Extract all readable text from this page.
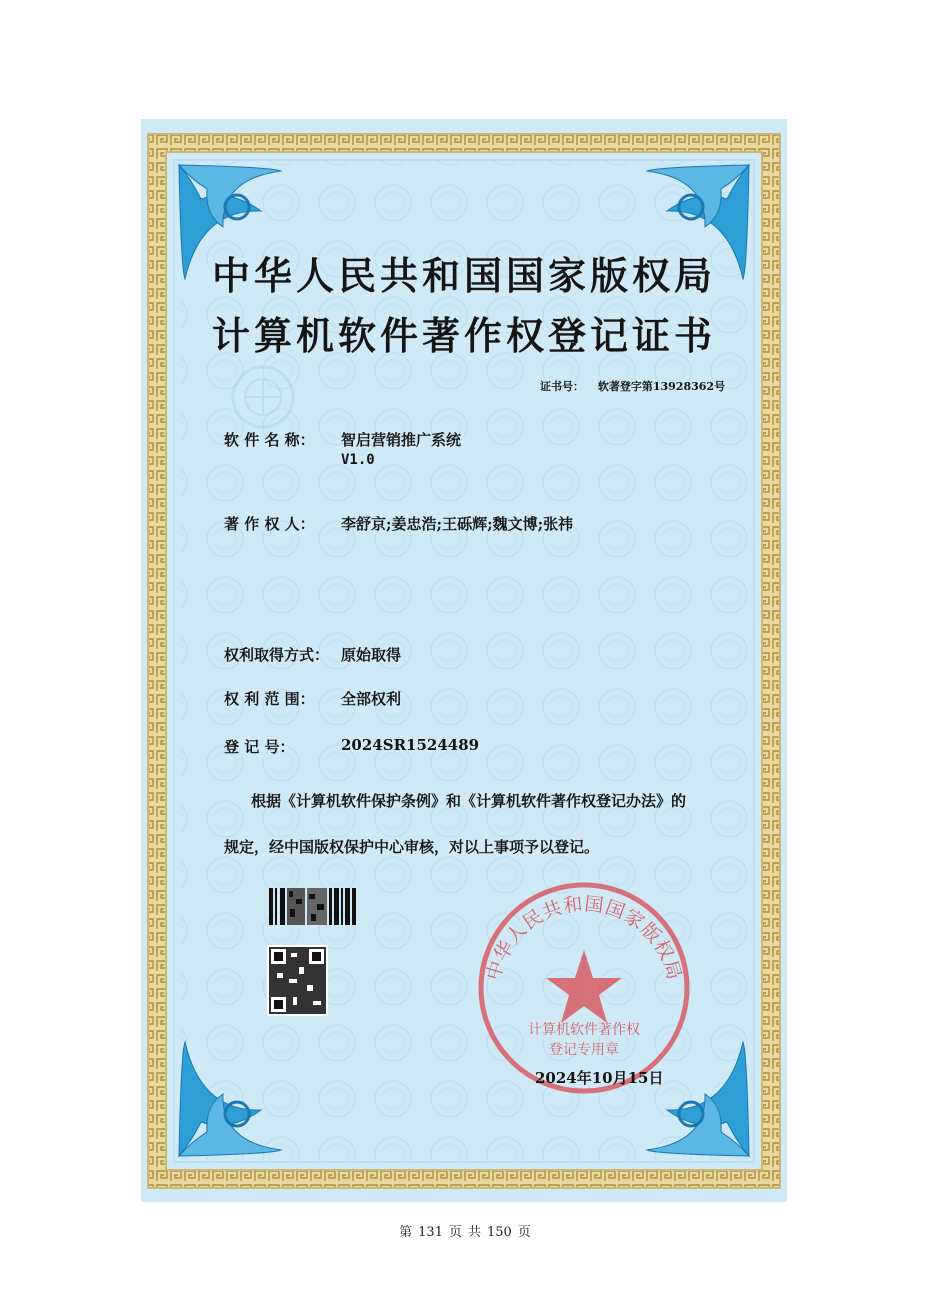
中华人民共和国国家版权局
计算机软件著作权登记证书
证书号： 软著登字第13928362号
软 件 名 称： 智启营销推广系统
V1.0
著 作 权 人： 李舒京;姜忠浩;王砾辉;魏文博;张祎
权利取得方式： 原始取得
权 利 范 围： 全部权利
登 记 号：	2024SR1524489
根据《计算机软件保护条例》和《计算机软件著作权登记办法》的
规定，经中国版权保护中心审核，对以上事项予以登记。
中华人民共和国国家版权局
计算机软件著作权
登记专用章
2024年10月15日
第 131 页 共 150 页
